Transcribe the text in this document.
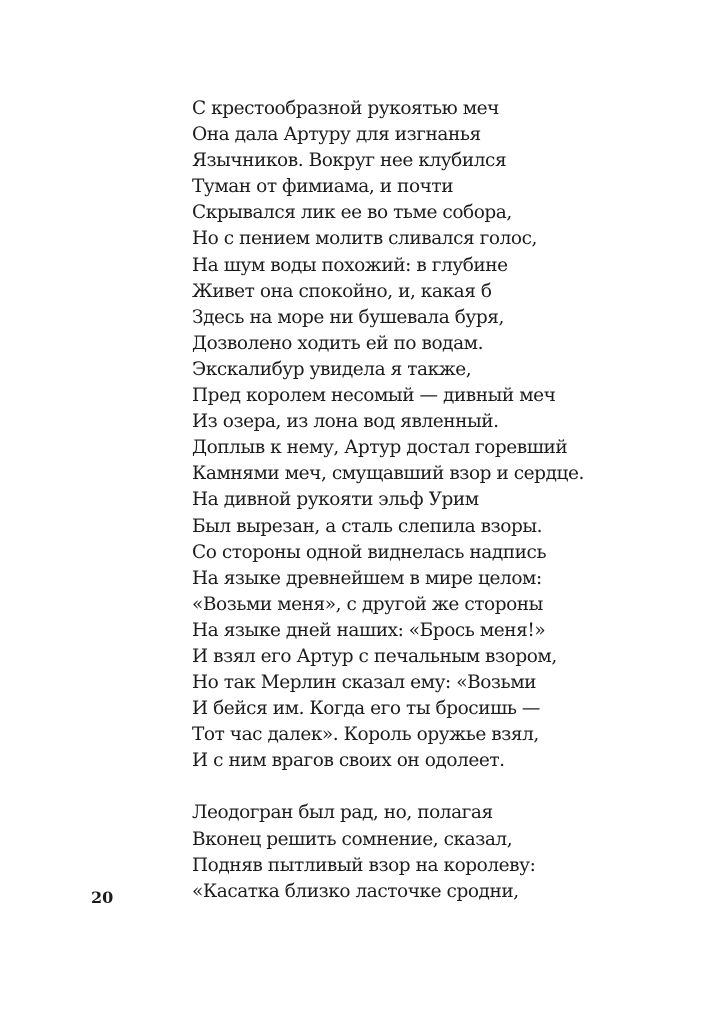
С крестообразной рукоятью меч
Она дала Артуру для изгнанья
Язычников. Вокруг нее клубился
Туман от фимиама, и почти
Скрывался лик ее во тьме собора,
Но с пением молитв сливался голос,
На шум воды похожий: в глубине
Живет она спокойно, и, какая б
Здесь на море ни бушевала буря,
Дозволено ходить ей по водам.
Экскалибур увидела я также,
Пред королем несомый — дивный меч
Из озера, из лона вод явленный.
Доплыв к нему, Артур достал горевший
Камнями меч, смущавший взор и сердце.
На дивной рукояти эльф Урим
Был вырезан, а сталь слепила взоры.
Со стороны одной виднелась надпись
На языке древнейшем в мире целом:
«Возьми меня», с другой же стороны
На языке дней наших: «Брось меня!»
И взял его Артур с печальным взором,
Но так Мерлин сказал ему: «Возьми
И бейся им. Когда его ты бросишь —
Тот час далек». Король оружье взял,
И с ним врагов своих он одолеет.
Леодогран был рад, но, полагая
Вконец решить сомнение, сказал,
Подняв пытливый взор на королеву:
«Касатка близко ласточке сродни,
20
